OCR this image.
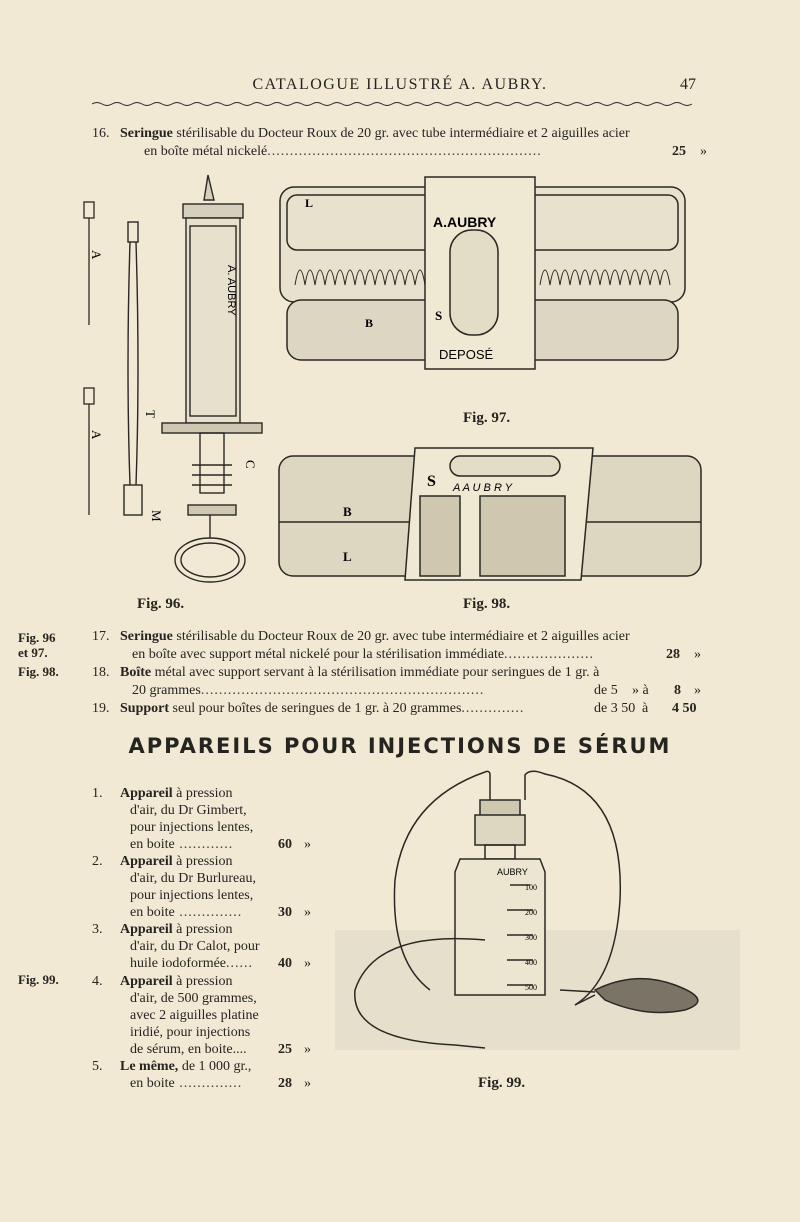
CATALOGUE ILLUSTRÉ A. AUBRY.	47
16. Seringue stérilisable du Docteur Roux de 20 gr. avec tube intermédiaire et 2 aiguilles acier
en boîte métal nickelé.............................................................	25 »
A. AUBRY
A
A
T
C
M
A.AUBRY
DEPOSÉ
S
L
B
Fig. 97.
A A U B R Y
S
B
L
Fig. 96.	Fig. 98.
Fig. 96
et 97.
Fig. 98.
17. Seringue stérilisable du Docteur Roux de 20 gr. avec tube intermédiaire et 2 aiguilles acier
en boîte avec support métal nickelé pour la stérilisation immédiate....................	28 »
18. Boîte métal avec support servant à la stérilisation immédiate pour seringues de 1 gr. à
20 grammes...............................................................	de 5 » à 8 »
19. Support seul pour boîtes de seringues de 1 gr. à 20 grammes..............	de 3 50 à 4 50
APPAREILS POUR INJECTIONS DE SÉRUM
Fig. 99.
1. Appareil à pression
d'air, du Dr Gimbert,
pour injections lentes,
en boite ............	60 »
2. Appareil à pression
d'air, du Dr Burlureau,
pour injections lentes,
en boite ..............	30 »
3. Appareil à pression
d'air, du Dr Calot, pour
huile iodoformée...... 40 »
4. Appareil à pression
d'air, de 500 grammes,
avec 2 aiguilles platine
iridié, pour injections
de sérum, en boite.... 25 »
5. Le même, de 1 000 gr.,
en boite ..............	28 »
AUBRY
100
200
300
400
500
Fig. 99.
